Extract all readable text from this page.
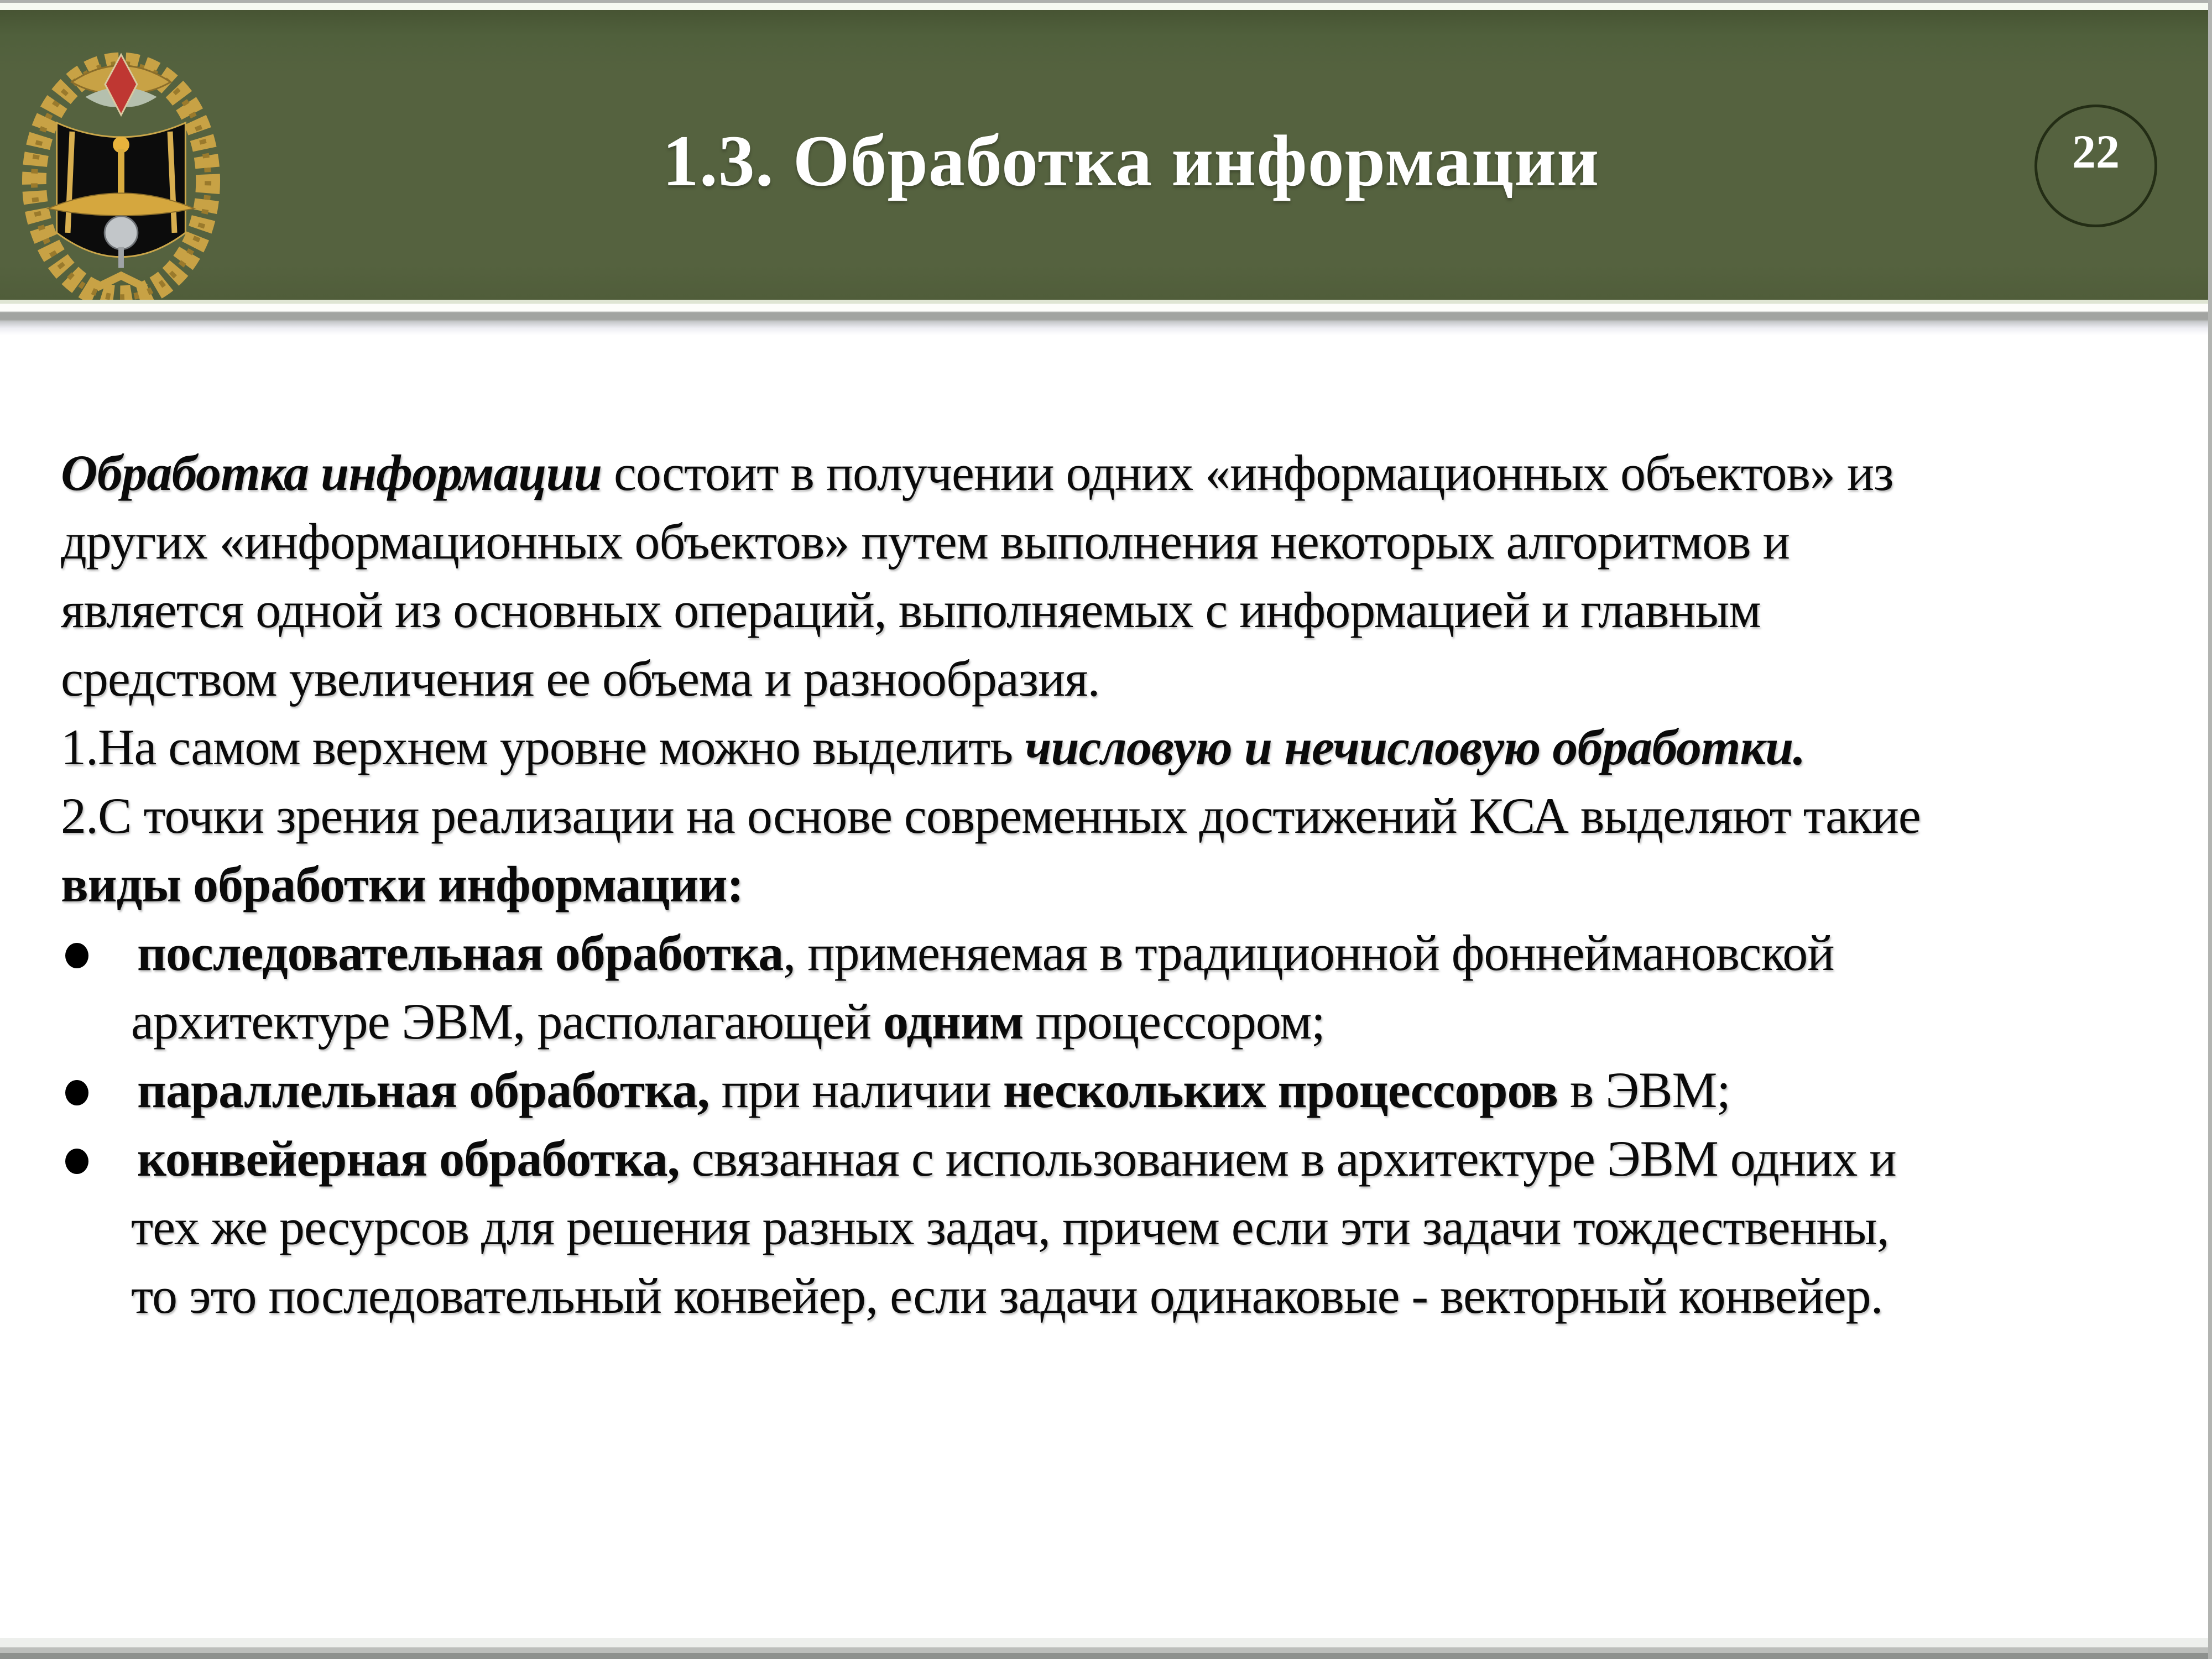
1.3. Обработка информации	22
Обработка информации состоит в получении одних «информационных объектов» из
других «информационных объектов» путем выполнения некоторых алгоритмов и
является одной из основных операций, выполняемых с информацией и главным
средством увеличения ее объема и разнообразия.
1.На самом верхнем уровне можно выделить числовую и нечисловую обработки.
2.С точки зрения реализации на основе современных достижений КСА выделяют такие
виды обработки информации:
последовательная обработка, применяемая в традиционной фоннеймановской
архитектуре ЭВМ, располагающей одним процессором;
параллельная обработка, при наличии нескольких процессоров в ЭВМ;
конвейерная обработка, связанная с использованием в архитектуре ЭВМ одних и
тех же ресурсов для решения разных задач, причем если эти задачи тождественны,
то это последовательный конвейер, если задачи одинаковые - векторный конвейер.
